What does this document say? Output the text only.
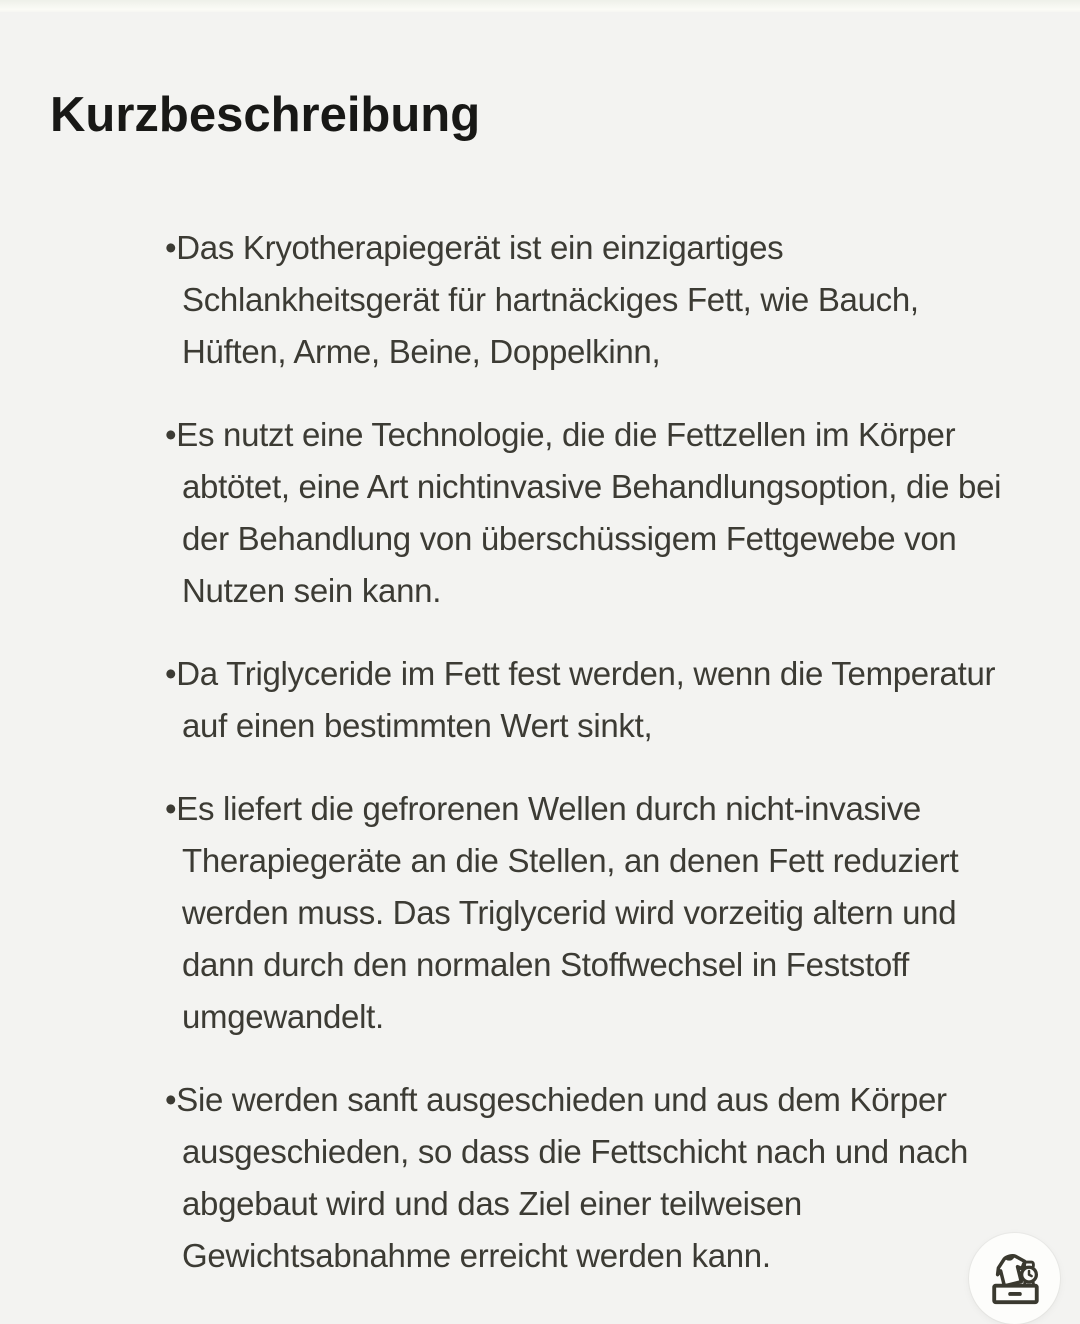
Kurzbeschreibung
• Das Kryotherapiegerät ist ein einzigartiges Schlankheitsgerät für hartnäckiges Fett, wie Bauch, Hüften, Arme, Beine, Doppelkinn,
• Es nutzt eine Technologie, die die Fettzellen im Körper abtötet, eine Art nichtinvasive Behandlungsoption, die bei der Behandlung von überschüssigem Fettgewebe von Nutzen sein kann.
• Da Triglyceride im Fett fest werden, wenn die Temperatur auf einen bestimmten Wert sinkt,
• Es liefert die gefrorenen Wellen durch nicht-invasive Therapiegeräte an die Stellen, an denen Fett reduziert werden muss. Das Triglycerid wird vorzeitig altern und dann durch den normalen Stoffwechsel in Feststoff umgewandelt.
• Sie werden sanft ausgeschieden und aus dem Körper ausgeschieden, so dass die Fettschicht nach und nach abgebaut wird und das Ziel einer teilweisen Gewichtsabnahme erreicht werden kann.
